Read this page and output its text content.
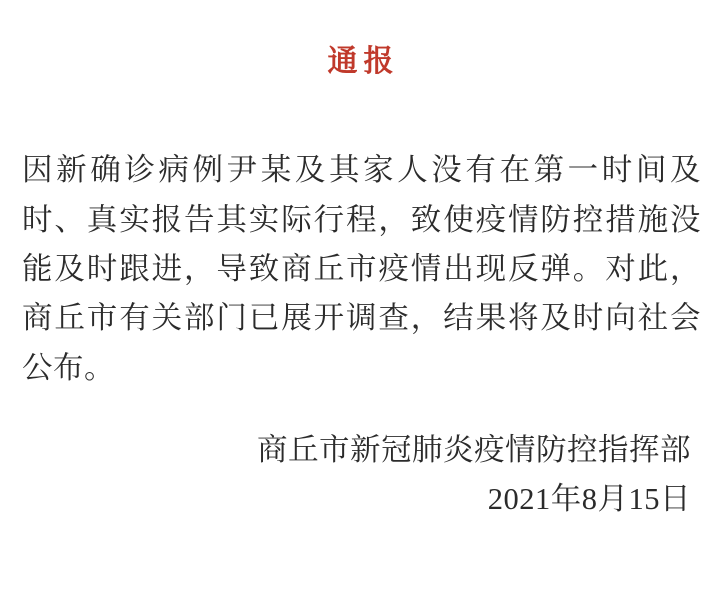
通报

因新确诊病例尹某及其家人没有在第一时间及时、真实报告其实际行程，致使疫情防控措施没能及时跟进，导致商丘市疫情出现反弹。对此，商丘市有关部门已展开调查，结果将及时向社会公布。

商丘市新冠肺炎疫情防控指挥部

2021年8月15日
